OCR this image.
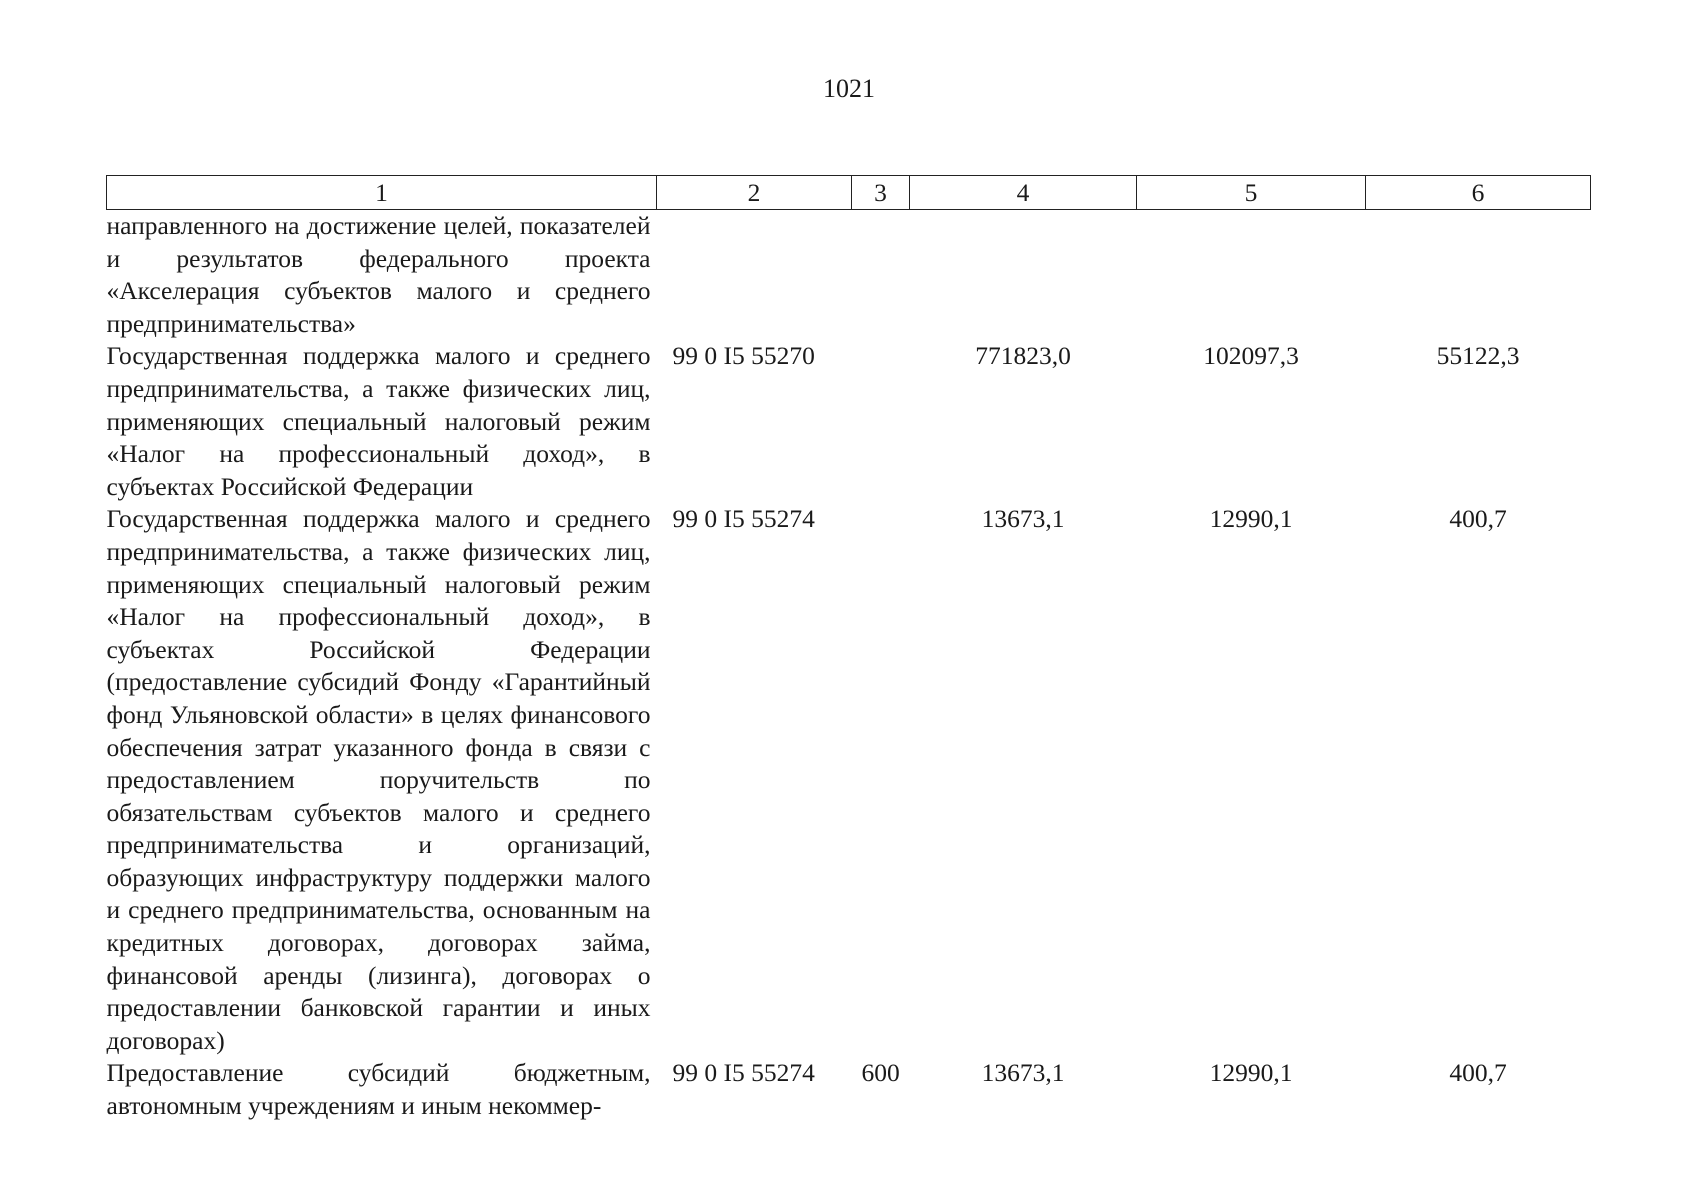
1021
1	2	3	4	5	6
направленного на достижение целей, показателей и результатов федерального проекта «Акселерация субъектов малого и среднего предпринимательства»					
Государственная поддержка малого и среднего предпринимательства, а также физических лиц, применяющих специальный налоговый режим «Налог на профессиональный доход», в субъектах Российской Федерации	99 0 I5 55270		771823,0	102097,3	55122,3
Государственная поддержка малого и среднего предпринимательства, а также физических лиц, применяющих специальный налоговый режим «Налог на профессиональный доход», в субъектах Российской Федерации (предоставление субсидий Фонду «Гарантийный фонд Ульяновской области» в целях финансового обеспечения затрат указанного фонда в связи с предоставлением поручительств по обязательствам субъектов малого и среднего предпринимательства и организаций, образующих инфраструктуру поддержки малого и среднего предпринимательства, основанным на кредитных договорах, договорах займа, финансовой аренды (лизинга), договорах о предоставлении банковской гарантии и иных договорах)	99 0 I5 55274		13673,1	12990,1	400,7
Предоставление субсидий бюджетным, автономным учреждениям и иным некоммер-	99 0 I5 55274	600	13673,1	12990,1	400,7
